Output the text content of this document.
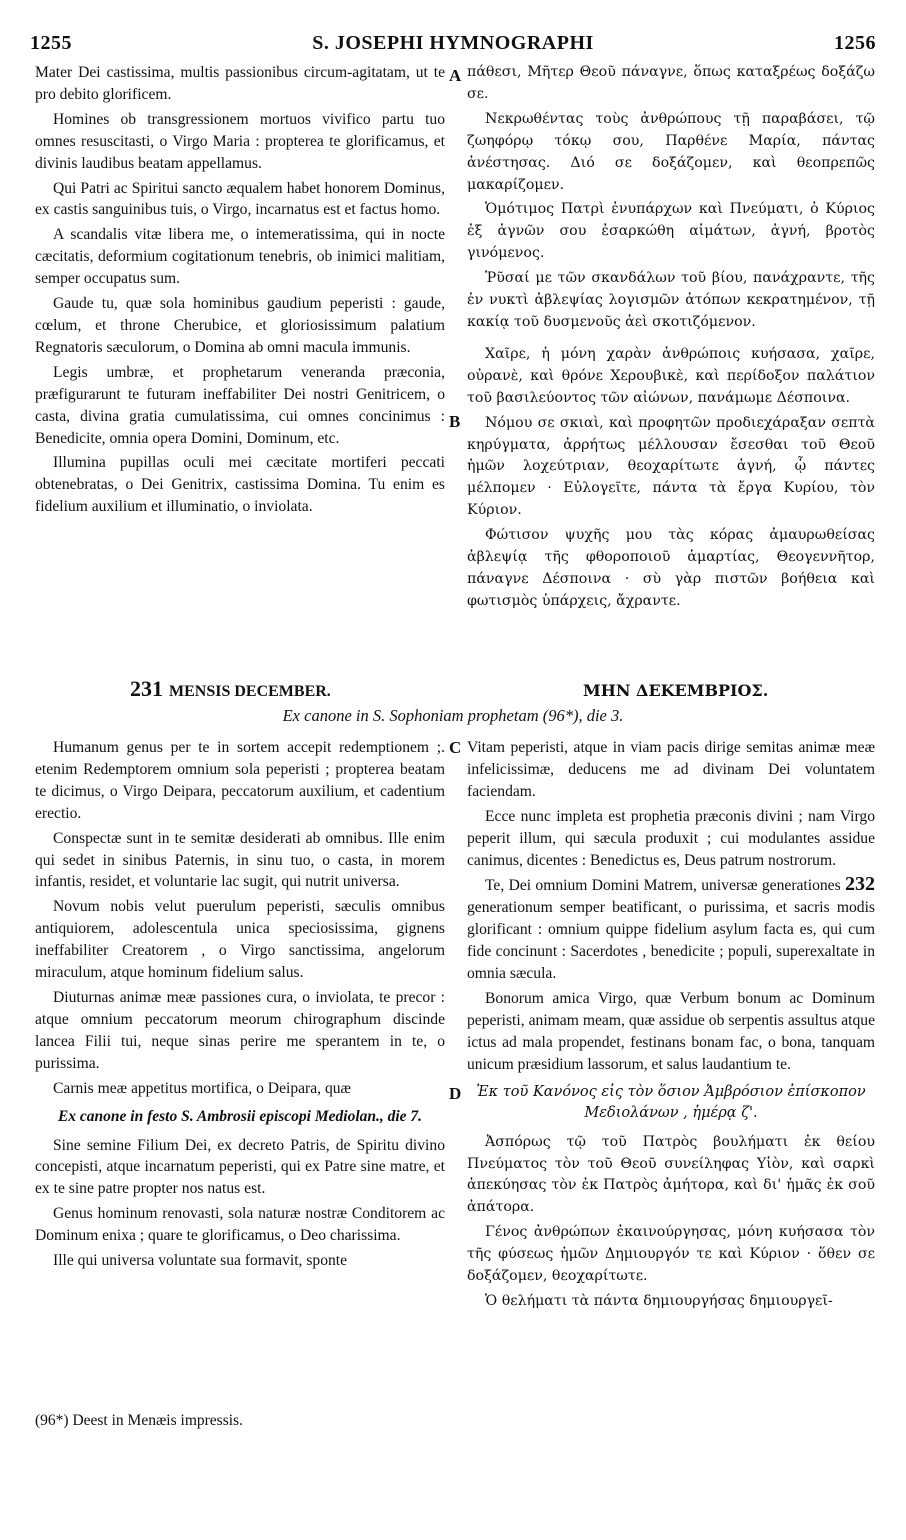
1255	S. JOSEPHI HYMNOGRAPHI	1256
A
B
C
D

Mater Dei castissima, multis passionibus circum-agitatam, ut te pro debito glorificem.

Homines ob transgressionem mortuos vivifico partu tuo omnes resuscitasti, o Virgo Maria : propterea te glorificamus, et divinis laudibus beatam appellamus.

Qui Patri ac Spiritui sancto æqualem habet honorem Dominus, ex castis sanguinibus tuis, o Virgo, incarnatus est et factus homo.

A scandalis vitæ libera me, o intemeratissima, qui in nocte cæcitatis, deformium cogitationum tenebris, ob inimici malitiam, semper occupatus sum.

Gaude tu, quæ sola hominibus gaudium peperisti : gaude, cœlum, et throne Cherubice, et gloriosissimum palatium Regnatoris sæculorum, o Domina ab omni macula immunis.

Legis umbræ, et prophetarum veneranda præconia, præfigurarunt te futuram ineffabiliter Dei nostri Genitricem, o casta, divina gratia cumulatissima, cui omnes concinimus : Benedicite, omnia opera Domini, Dominum, etc.

Illumina pupillas oculi mei cæcitate mortiferi peccati obtenebratas, o Dei Genitrix, castissima Domina. Tu enim es fidelium auxilium et illuminatio, o inviolata.

πάθεσι, Μῆτερ Θεοῦ πάναγνε, ὅπως καταξρέως δοξάζω σε.

Νεκρωθέντας τοὺς ἀνθρώπους τῇ παραβάσει, τῷ ζωηφόρῳ τόκῳ σου, Παρθένε Μαρία, πάντας ἀνέστησας. Διό σε δοξάζομεν, καὶ θεοπρεπῶς μακαρίζομεν.

Ὁμότιμος Πατρὶ ἐνυπάρχων καὶ Πνεύματι, ὁ Κύριος ἐξ ἁγνῶν σου ἐσαρκώθη αἱμάτων, ἁγνή, βροτὸς γινόμενος.

Ῥῦσαί με τῶν σκανδάλων τοῦ βίου, πανάχραντε, τῆς ἐν νυκτὶ ἀβλεψίας λογισμῶν ἀτόπων κεκρατημένον, τῇ κακίᾳ τοῦ δυσμενοῦς ἀεὶ σκοτιζόμενον.

Χαῖρε, ἡ μόνη χαρὰν ἀνθρώποις κυήσασα, χαῖρε, οὐρανὲ, καὶ θρόνε Χερουβικὲ, καὶ περίδοξον παλάτιον τοῦ βασιλεύοντος τῶν αἰώνων, πανάμωμε Δέσποινα.

Νόμου σε σκιαὶ, καὶ προφητῶν προδιεχάραξαν σεπτὰ κηρύγματα, ἀρρήτως μέλλουσαν ἔσεσθαι τοῦ Θεοῦ ἡμῶν λοχεύτριαν, θεοχαρίτωτε ἁγνή, ᾧ πάντες μέλπομεν · Εὐλογεῖτε, πάντα τὰ ἔργα Κυρίου, τὸν Κύριον.

Φώτισον ψυχῆς μου τὰς κόρας ἀμαυρωθείσας ἀβλεψίᾳ τῆς φθοροποιοῦ ἁμαρτίας, Θεογεννῆτορ, πάναγνε Δέσποινα · σὺ γὰρ πιστῶν βοήθεια καὶ φωτισμὸς ὑπάρχεις, ἄχραντε.

231 MENSIS DECEMBER.	ΜΗΝ ΔΕΚΕΜΒΡΙΟΣ.
Ex canone in S. Sophoniam prophetam (96*), die 3.

Humanum genus per te in sortem accepit redemptionem ;. etenim Redemptorem omnium sola peperisti ; propterea beatam te dicimus, o Virgo Deipara, peccatorum auxilium, et cadentium erectio.

Conspectæ sunt in te semitæ desiderati ab omnibus. Ille enim qui sedet in sinibus Paternis, in sinu tuo, o casta, in morem infantis, residet, et voluntarie lac sugit, qui nutrit universa.

Novum nobis velut puerulum peperisti, sæculis omnibus antiquiorem, adolescentula unica speciosissima, gignens ineffabiliter Creatorem , o Virgo sanctissima, angelorum miraculum, atque hominum fidelium salus.

Diuturnas animæ meæ passiones cura, o inviolata, te precor : atque omnium peccatorum meorum chirographum discinde lancea Filii tui, neque sinas perire me sperantem in te, o purissima.

Carnis meæ appetitus mortifica, o Deipara, quæ

Ex canone in festo S. Ambrosii episcopi Mediolan., die 7.

Sine semine Filium Dei, ex decreto Patris, de Spiritu divino concepisti, atque incarnatum peperisti, qui ex Patre sine matre, et ex te sine patre propter nos natus est.

Genus hominum renovasti, sola naturæ nostræ Conditorem ac Dominum enixa ; quare te glorificamus, o Deo charissima.

Ille qui universa voluntate sua formavit, sponte

Vitam peperisti, atque in viam pacis dirige semitas animæ meæ infelicissimæ, deducens me ad divinam Dei voluntatem faciendam.

Ecce nunc impleta est prophetia præconis divini ; nam Virgo peperit illum, qui sæcula produxit ; cui modulantes assidue canimus, dicentes : Benedictus es, Deus patrum nostrorum.

Te, Dei omnium Domini Matrem, universæ generationes 232 generationum semper beatificant, o purissima, et sacris modis glorificant : omnium quippe fidelium asylum facta es, qui cum fide concinunt : Sacerdotes , benedicite ; populi, superexaltate in omnia sæcula.

Bonorum amica Virgo, quæ Verbum bonum ac Dominum peperisti, animam meam, quæ assidue ob serpentis assultus atque ictus ad mala propendet, festinans bonam fac, o bona, tanquam unicum præsidium lassorum, et salus laudantium te.

Ἐκ τοῦ Κανόνος εἰς τὸν ὅσιον Ἀμβρόσιον ἐπίσκοπον Μεδιολάνων , ἡμέρᾳ ζ'.

Ἀσπόρως τῷ τοῦ Πατρὸς βουλήματι ἐκ θείου Πνεύματος τὸν τοῦ Θεοῦ συνείληφας Υἱὸν, καὶ σαρκὶ ἀπεκύησας τὸν ἐκ Πατρὸς ἀμήτορα, καὶ δι' ἡμᾶς ἐκ σοῦ ἀπάτορα.

Γένος ἀνθρώπων ἐκαινούργησας, μόνη κυήσασα τὸν τῆς φύσεως ἡμῶν Δημιουργόν τε καὶ Κύριον · ὅθεν σε δοξάζομεν, θεοχαρίτωτε.

Ὁ θελήματι τὰ πάντα δημιουργήσας δημιουργεῖ-

(96*) Deest in Menæis impressis.
